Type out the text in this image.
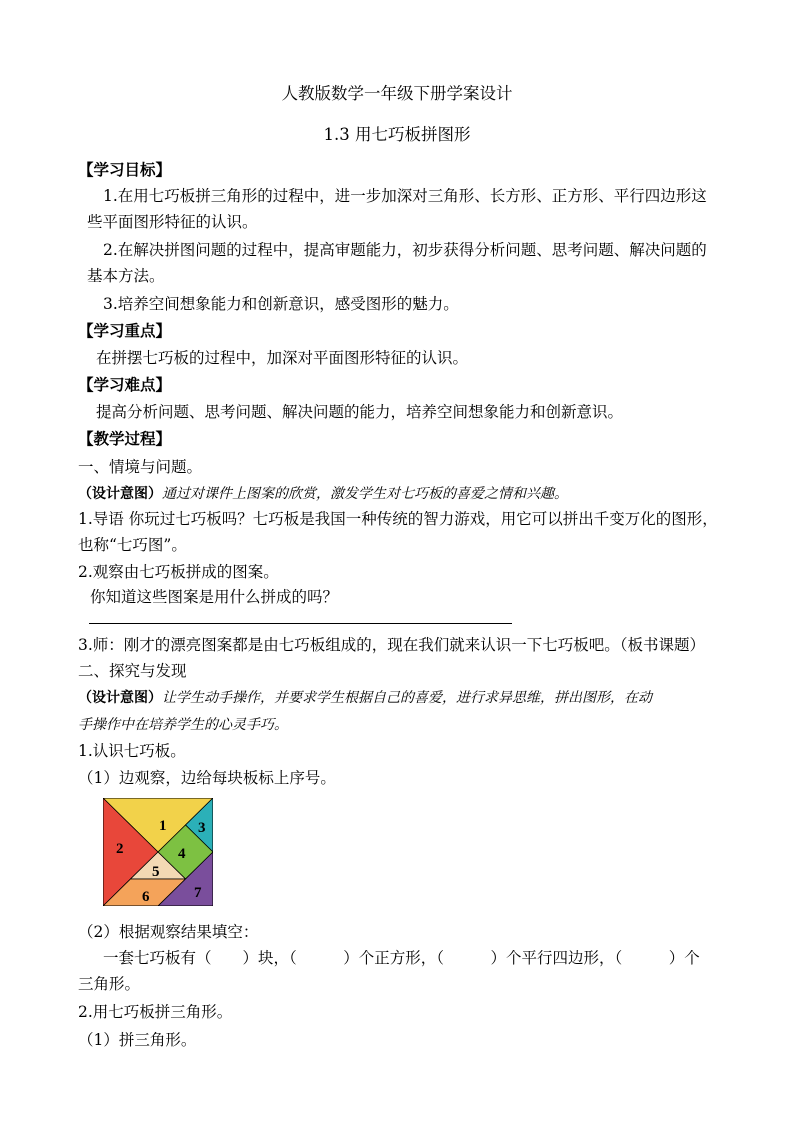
人教版数学一年级下册学案设计
1.3 用七巧板拼图形
【学习目标】
1.在用七巧板拼三角形的过程中，进一步加深对三角形、长方形、正方形、平行四边形这
些平面图形特征的认识。
2.在解决拼图问题的过程中，提高审题能力，初步获得分析问题、思考问题、解决问题的
基本方法。
3.培养空间想象能力和创新意识，感受图形的魅力。
【学习重点】
在拼摆七巧板的过程中，加深对平面图形特征的认识。
【学习难点】
提高分析问题、思考问题、解决问题的能力，培养空间想象能力和创新意识。
【教学过程】
一、情境与问题。
（设计意图）通过对课件上图案的欣赏，激发学生对七巧板的喜爱之情和兴趣。
1.导语 你玩过七巧板吗？七巧板是我国一种传统的智力游戏，用它可以拼出千变万化的图形，
也称“七巧图”。
2.观察由七巧板拼成的图案。
你知道这些图案是用什么拼成的吗？
3.师：刚才的漂亮图案都是由七巧板组成的，现在我们就来认识一下七巧板吧。（板书课题）
二、探究与发现
（设计意图）让学生动手操作，并要求学生根据自己的喜爱，进行求异思维，拼出图形，在动
手操作中在培养学生的心灵手巧。
1.认识七巧板。
（1）边观察，边给每块板标上序号。
1
2
3
4
5
6	7
（2）根据观察结果填空：
一套七巧板有（　　）块，（　　　）个正方形，（　　　）个平行四边形，（　　　）个
三角形。
2.用七巧板拼三角形。
（1）拼三角形。
